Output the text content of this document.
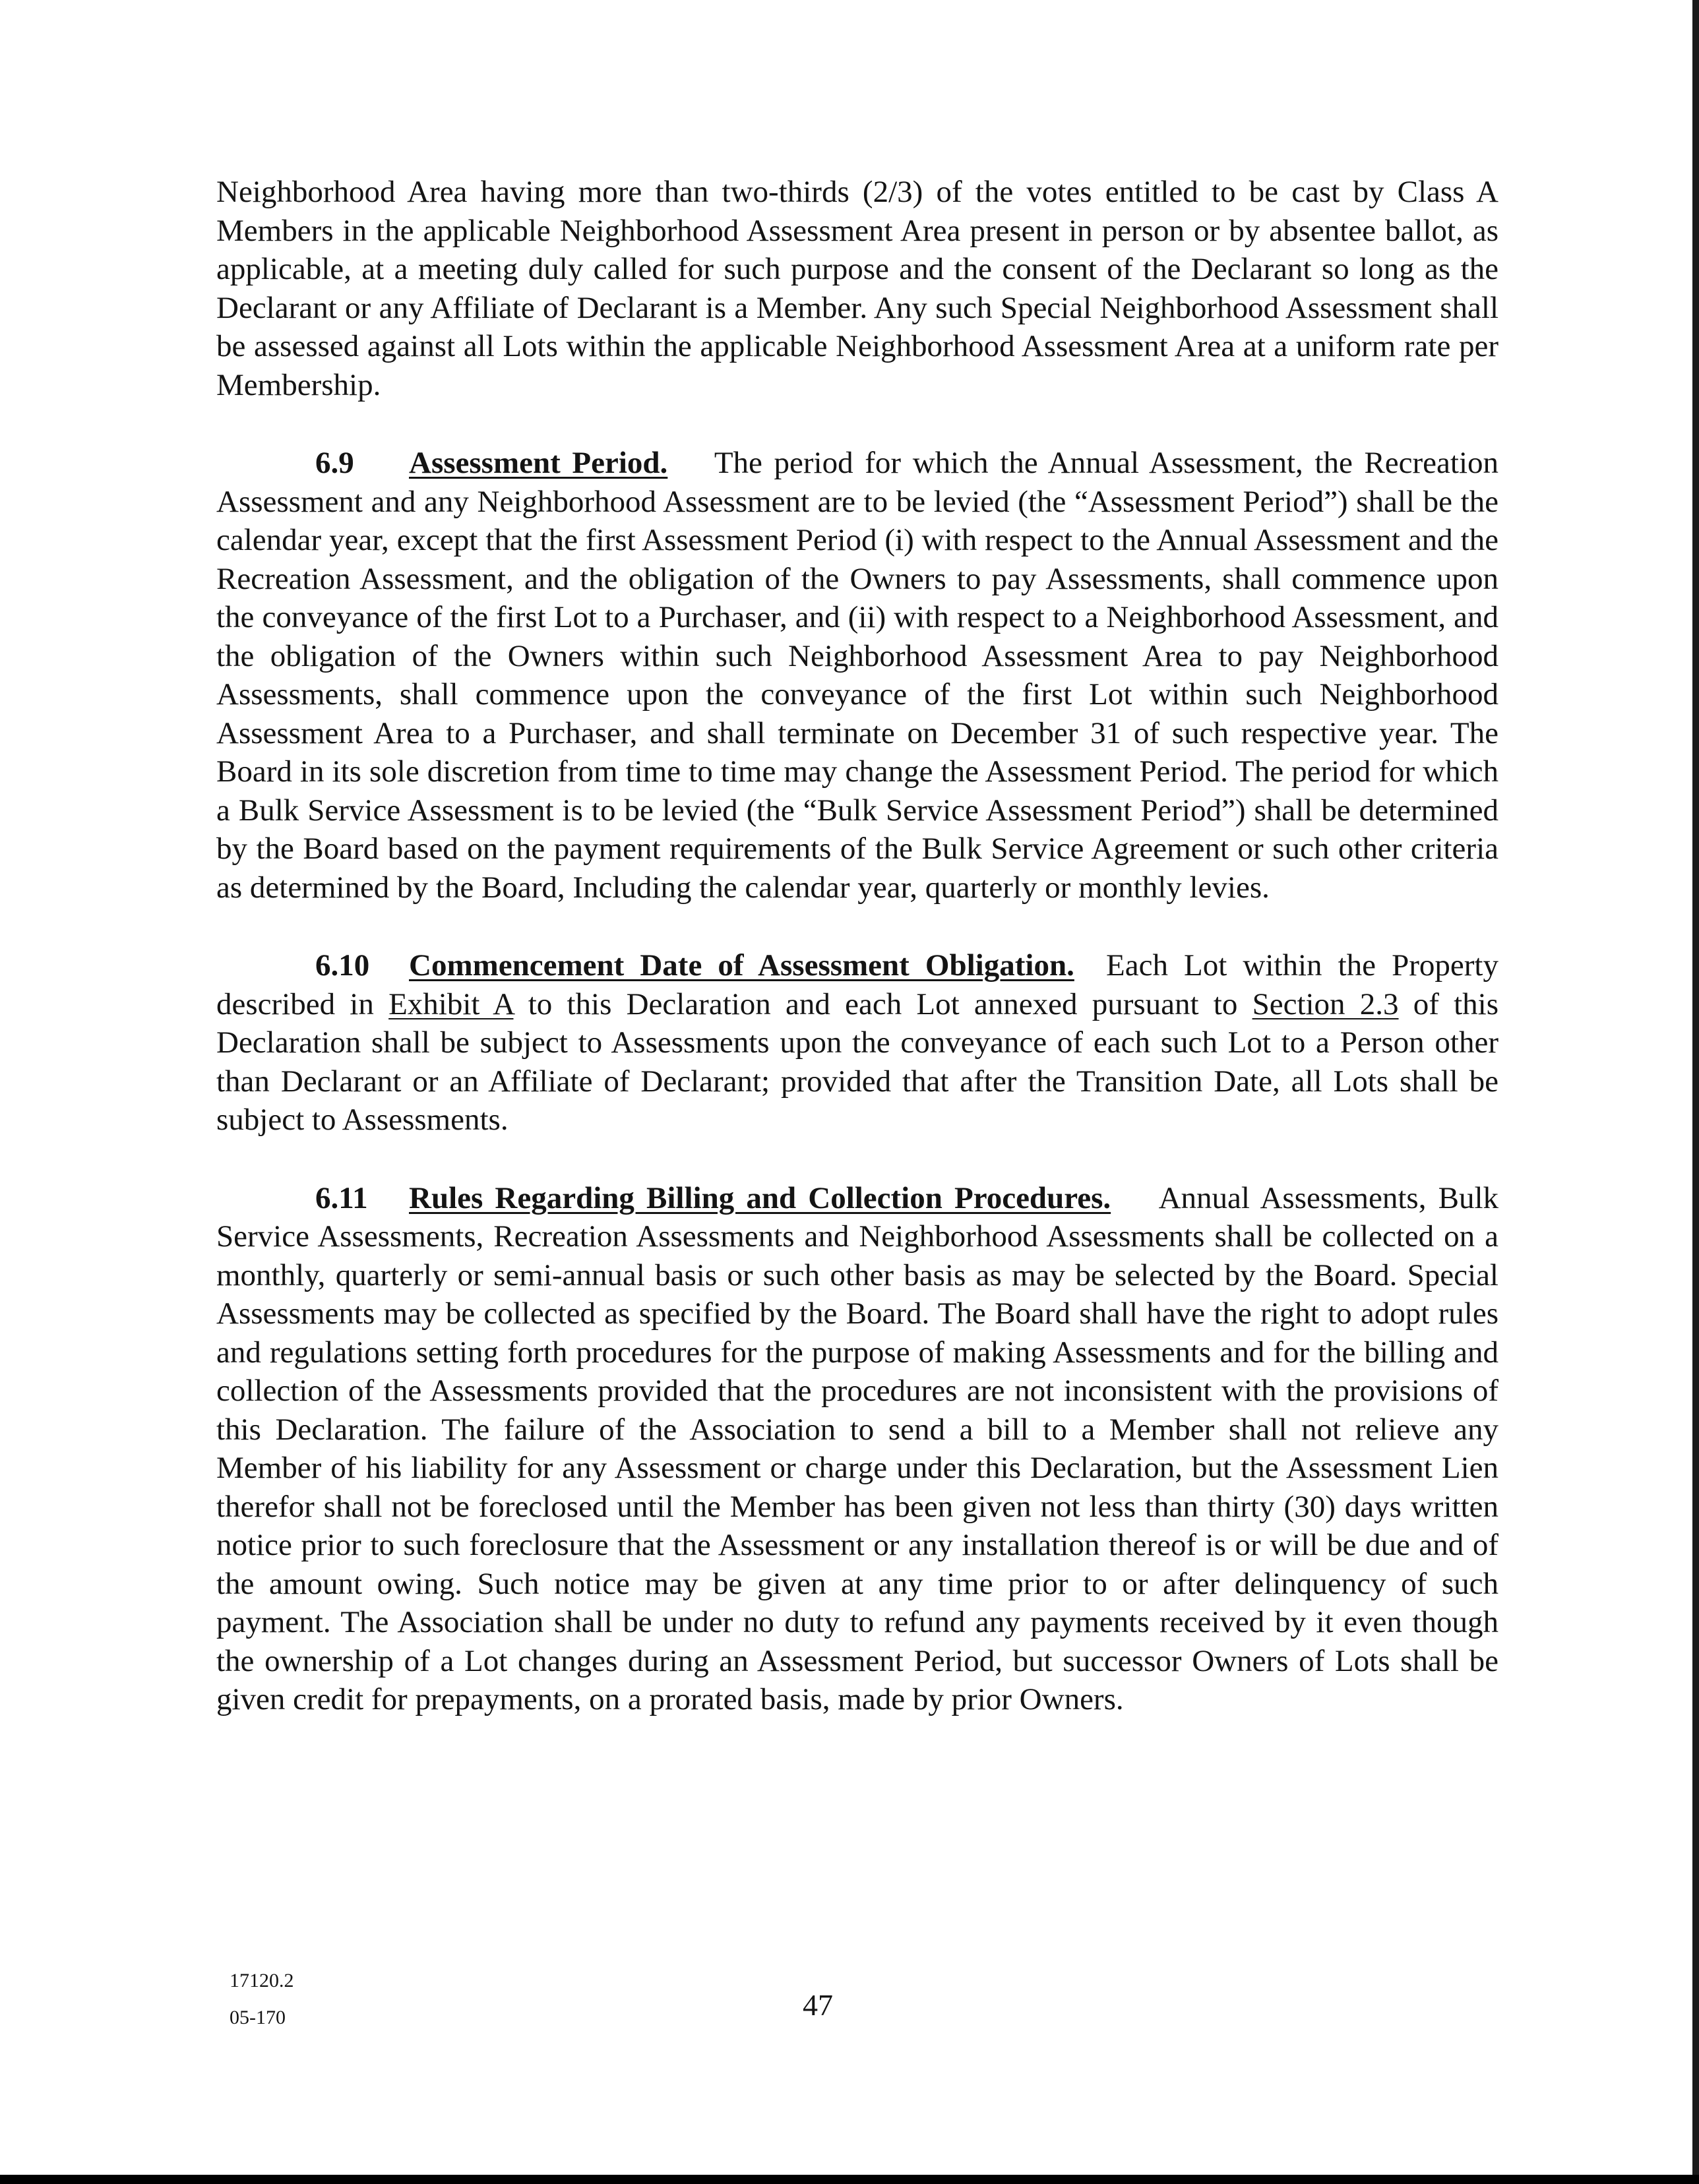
Neighborhood Area having more than two-thirds (2/3) of the votes entitled to be cast by Class A Members in the applicable Neighborhood Assessment Area present in person or by absentee ballot, as applicable, at a meeting duly called for such purpose and the consent of the Declarant so long as the Declarant or any Affiliate of Declarant is a Member. Any such Special Neighborhood Assessment shall be assessed against all Lots within the applicable Neighborhood Assessment Area at a uniform rate per Membership.

6.9 Assessment Period. The period for which the Annual Assessment, the Recreation Assessment and any Neighborhood Assessment are to be levied (the “Assessment Period”) shall be the calendar year, except that the first Assessment Period (i) with respect to the Annual Assessment and the Recreation Assessment, and the obligation of the Owners to pay Assessments, shall commence upon the conveyance of the first Lot to a Purchaser, and (ii) with respect to a Neighborhood Assessment, and the obligation of the Owners within such Neighborhood Assessment Area to pay Neighborhood Assessments, shall commence upon the conveyance of the first Lot within such Neighborhood Assessment Area to a Purchaser, and shall terminate on December 31 of such respective year. The Board in its sole discretion from time to time may change the Assessment Period. The period for which a Bulk Service Assessment is to be levied (the “Bulk Service Assessment Period”) shall be determined by the Board based on the payment requirements of the Bulk Service Agreement or such other criteria as determined by the Board, Including the calendar year, quarterly or monthly levies.

6.10 Commencement Date of Assessment Obligation. Each Lot within the Property described in Exhibit A to this Declaration and each Lot annexed pursuant to Section 2.3 of this Declaration shall be subject to Assessments upon the conveyance of each such Lot to a Person other than Declarant or an Affiliate of Declarant; provided that after the Transition Date, all Lots shall be subject to Assessments.

6.11 Rules Regarding Billing and Collection Procedures. Annual Assessments, Bulk Service Assessments, Recreation Assessments and Neighborhood Assessments shall be collected on a monthly, quarterly or semi-annual basis or such other basis as may be selected by the Board. Special Assessments may be collected as specified by the Board. The Board shall have the right to adopt rules and regulations setting forth procedures for the purpose of making Assessments and for the billing and collection of the Assessments provided that the procedures are not inconsistent with the provisions of this Declaration. The failure of the Association to send a bill to a Member shall not relieve any Member of his liability for any Assessment or charge under this Declaration, but the Assessment Lien therefor shall not be foreclosed until the Member has been given not less than thirty (30) days written notice prior to such foreclosure that the Assessment or any installation thereof is or will be due and of the amount owing. Such notice may be given at any time prior to or after delinquency of such payment. The Association shall be under no duty to refund any payments received by it even though the ownership of a Lot changes during an Assessment Period, but successor Owners of Lots shall be given credit for prepayments, on a prorated basis, made by prior Owners.

17120.2
05-170	47
